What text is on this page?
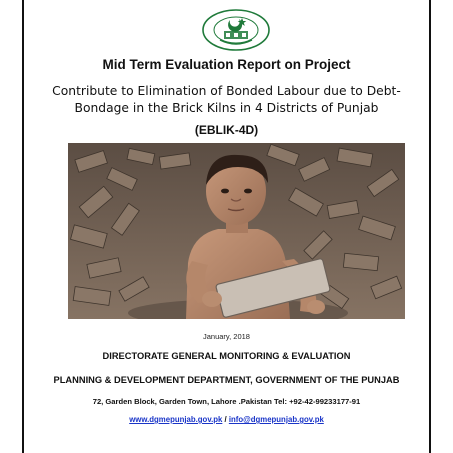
Mid Term Evaluation Report on Project
Contribute to Elimination of Bonded Labour due to Debt-
Bondage in the Brick Kilns in 4 Districts of Punjab
(EBLIK-4D)
January, 2018
DIRECTORATE GENERAL MONITORING & EVALUATION
PLANNING & DEVELOPMENT DEPARTMENT, GOVERNMENT OF THE PUNJAB
72, Garden Block, Garden Town, Lahore .Pakistan Tel: +92-42-99233177-91
www.dgmepunjab.gov.pk / info@dgmepunjab.gov.pk
